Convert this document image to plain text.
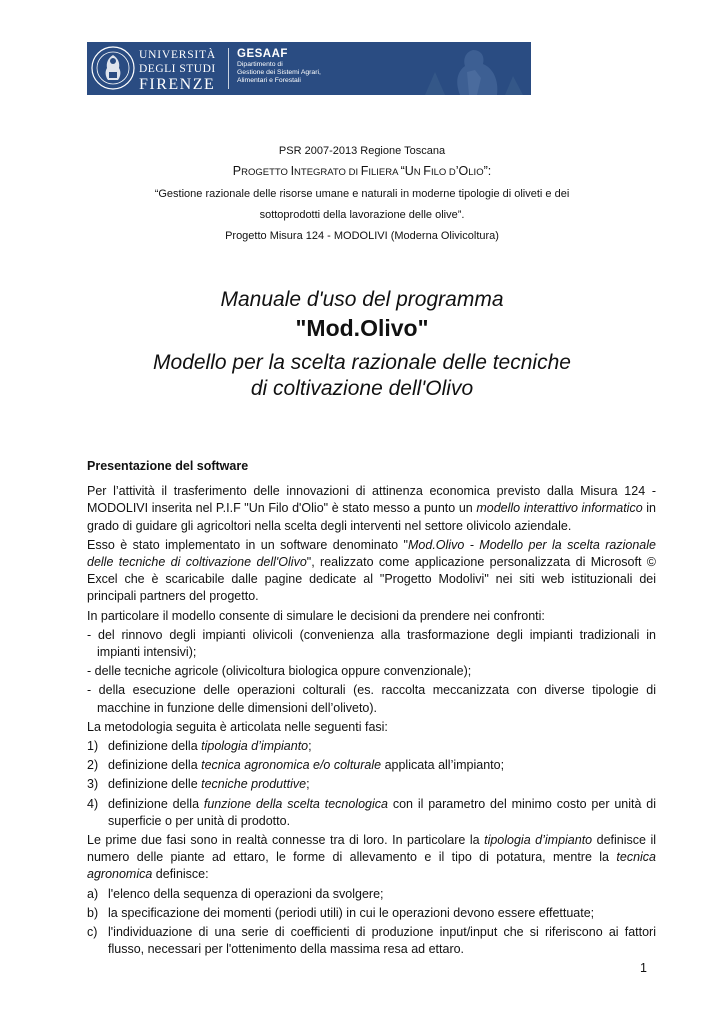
UNIVERSITÀ
DEGLI STUDI
FIRENZE
GESAAF
Dipartimento di
Gestione dei Sistemi Agrari,
Alimentari e Forestali
PSR 2007-2013 Regione Toscana
PROGETTO INTEGRATO DI FILIERA “UN FILO D’OLIO”:
“Gestione razionale delle risorse umane e naturali in moderne tipologie di oliveti e dei
sottoprodotti della lavorazione delle olive”.
Progetto Misura 124 - MODOLIVI (Moderna Olivicoltura)
Manuale d'uso del programma
"Mod.Olivo"
Modello per la scelta razionale delle tecniche
di coltivazione dell'Olivo
Presentazione del software

Per l’attività il trasferimento delle innovazioni di attinenza economica previsto dalla Misura 124 - MODOLIVI inserita nel P.I.F "Un Filo d'Olio" è stato messo a punto un modello interattivo informatico in grado di guidare gli agricoltori nella scelta degli interventi nel settore olivicolo aziendale.

Esso è stato implementato in un software denominato "Mod.Olivo - Modello per la scelta razionale delle tecniche di coltivazione dell'Olivo", realizzato come applicazione personalizzata di Microsoft © Excel che è scaricabile dalle pagine dedicate al "Progetto Modolivi" nei siti web istituzionali dei principali partners del progetto.

In particolare il modello consente di simulare le decisioni da prendere nei confronti:

- del rinnovo degli impianti olivicoli (convenienza alla trasformazione degli impianti tradizionali in impianti intensivi);
- delle tecniche agricole (olivicoltura biologica oppure convenzionale);
- della esecuzione delle operazioni colturali (es. raccolta meccanizzata con diverse tipologie di macchine in funzione delle dimensioni dell’oliveto).

La metodologia seguita è articolata nelle seguenti fasi:

1) definizione della tipologia d’impianto;
2) definizione della tecnica agronomica e/o colturale applicata all’impianto;
3) definizione delle tecniche produttive;
4) definizione della funzione della scelta tecnologica con il parametro del minimo costo per unità di superficie o per unità di prodotto.

Le prime due fasi sono in realtà connesse tra di loro. In particolare la tipologia d’impianto definisce il numero delle piante ad ettaro, le forme di allevamento e il tipo di potatura, mentre la tecnica agronomica definisce:

a) l'elenco della sequenza di operazioni da svolgere;
b) la specificazione dei momenti (periodi utili) in cui le operazioni devono essere effettuate;
c) l'individuazione di una serie di coefficienti di produzione input/input che si riferiscono ai fattori flusso, necessari per l'ottenimento della massima resa ad ettaro.
1
